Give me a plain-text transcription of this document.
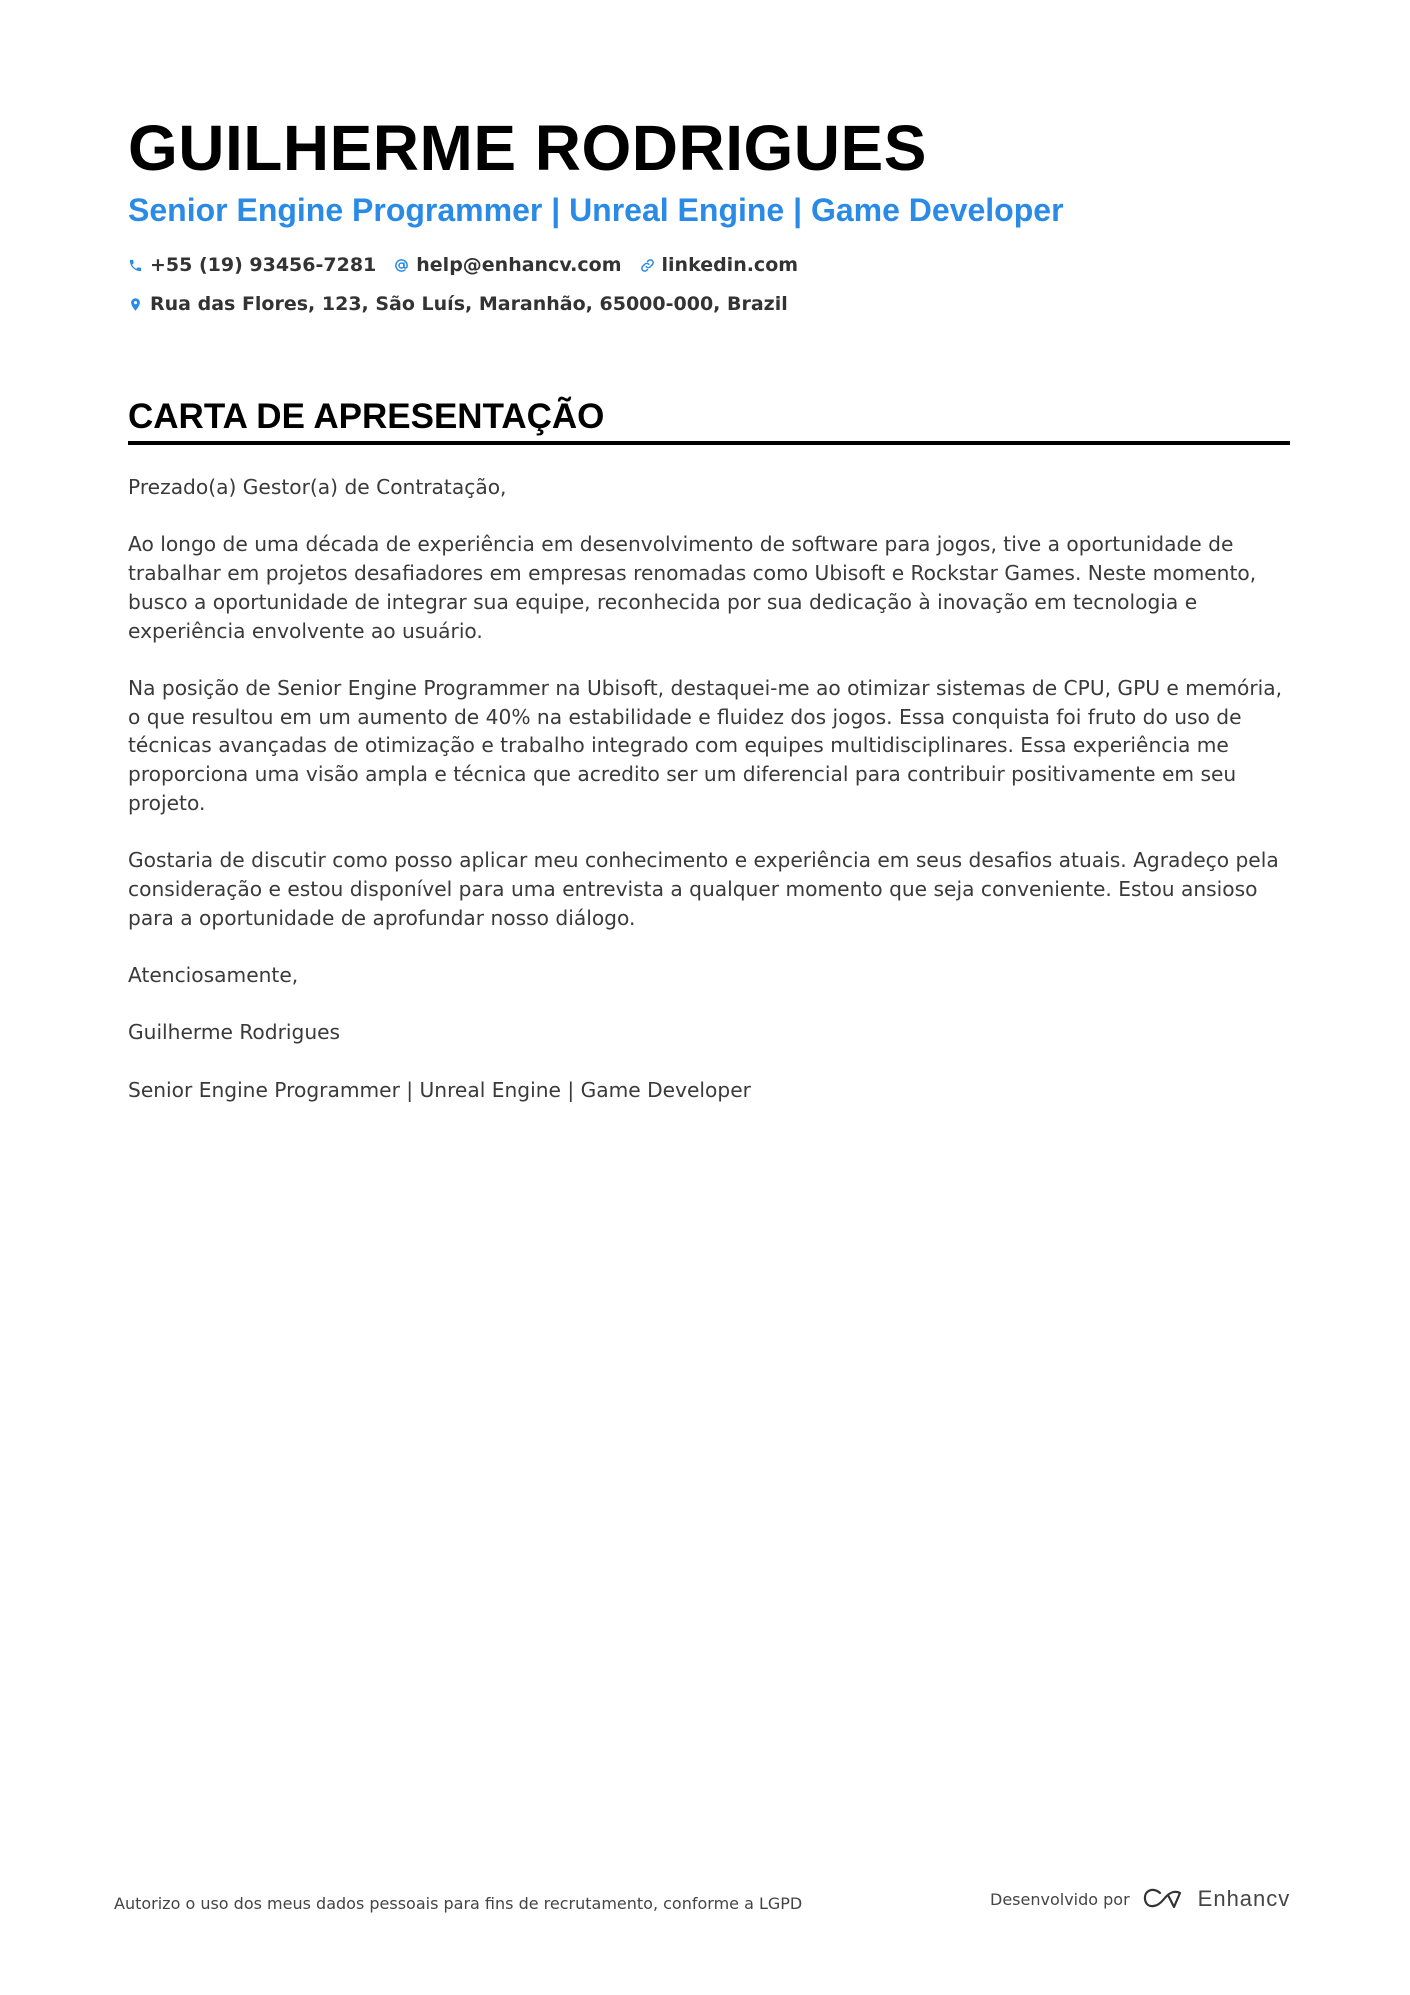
GUILHERME RODRIGUES
Senior Engine Programmer | Unreal Engine | Game Developer
+55 (19) 93456-7281 help@enhancv.com linkedin.com
Rua das Flores, 123, São Luís, Maranhão, 65000-000, Brazil
CARTA DE APRESENTAÇÃO

Prezado(a) Gestor(a) de Contratação,

Ao longo de uma década de experiência em desenvolvimento de software para jogos, tive a oportunidade de trabalhar em projetos desafiadores em empresas renomadas como Ubisoft e Rockstar Games. Neste momento, busco a oportunidade de integrar sua equipe, reconhecida por sua dedicação à inovação em tecnologia e experiência envolvente ao usuário.

Na posição de Senior Engine Programmer na Ubisoft, destaquei-me ao otimizar sistemas de CPU, GPU e memória, o que resultou em um aumento de 40% na estabilidade e fluidez dos jogos. Essa conquista foi fruto do uso de técnicas avançadas de otimização e trabalho integrado com equipes multidisciplinares. Essa experiência me proporciona uma visão ampla e técnica que acredito ser um diferencial para contribuir positivamente em seu projeto.

Gostaria de discutir como posso aplicar meu conhecimento e experiência em seus desafios atuais. Agradeço pela consideração e estou disponível para uma entrevista a qualquer momento que seja conveniente. Estou ansioso para a oportunidade de aprofundar nosso diálogo.

Atenciosamente,

Guilherme Rodrigues

Senior Engine Programmer | Unreal Engine | Game Developer

Autorizo o uso dos meus dados pessoais para fins de recrutamento, conforme a LGPD	Desenvolvido por	Enhancv
